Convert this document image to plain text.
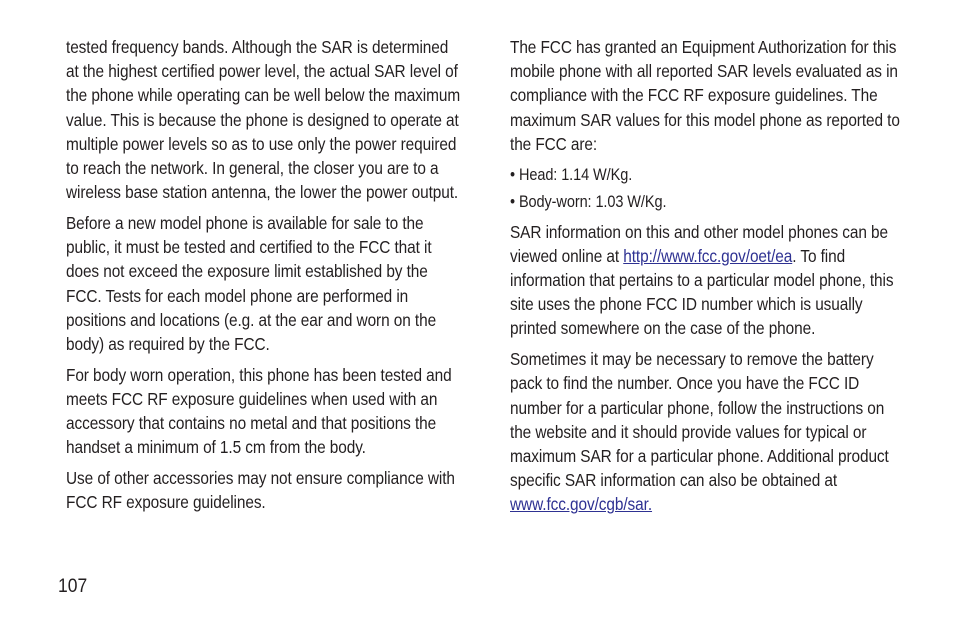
tested frequency bands. Although the SAR is determined at the highest certified power level, the actual SAR level of the phone while operating can be well below the maximum value. This is because the phone is designed to operate at multiple power levels so as to use only the power required to reach the network. In general, the closer you are to a wireless base station antenna, the lower the power output.

Before a new model phone is available for sale to the public, it must be tested and certified to the FCC that it does not exceed the exposure limit established by the FCC. Tests for each model phone are performed in positions and locations (e.g. at the ear and worn on the body) as required by the FCC.

For body worn operation, this phone has been tested and meets FCC RF exposure guidelines when used with an accessory that contains no metal and that positions the handset a minimum of 1.5 cm from the body.

Use of other accessories may not ensure compliance with FCC RF exposure guidelines.

The FCC has granted an Equipment Authorization for this mobile phone with all reported SAR levels evaluated as in compliance with the FCC RF exposure guidelines. The maximum SAR values for this model phone as reported to the FCC are:

• Head: 1.14 W/Kg.
• Body-worn: 1.03 W/Kg.

SAR information on this and other model phones can be viewed online at http://www.fcc.gov/oet/ea. To find information that pertains to a particular model phone, this site uses the phone FCC ID number which is usually printed somewhere on the case of the phone.

Sometimes it may be necessary to remove the battery pack to find the number. Once you have the FCC ID number for a particular phone, follow the instructions on the website and it should provide values for typical or maximum SAR for a particular phone. Additional product specific SAR information can also be obtained at www.fcc.gov/cgb/sar.

107
